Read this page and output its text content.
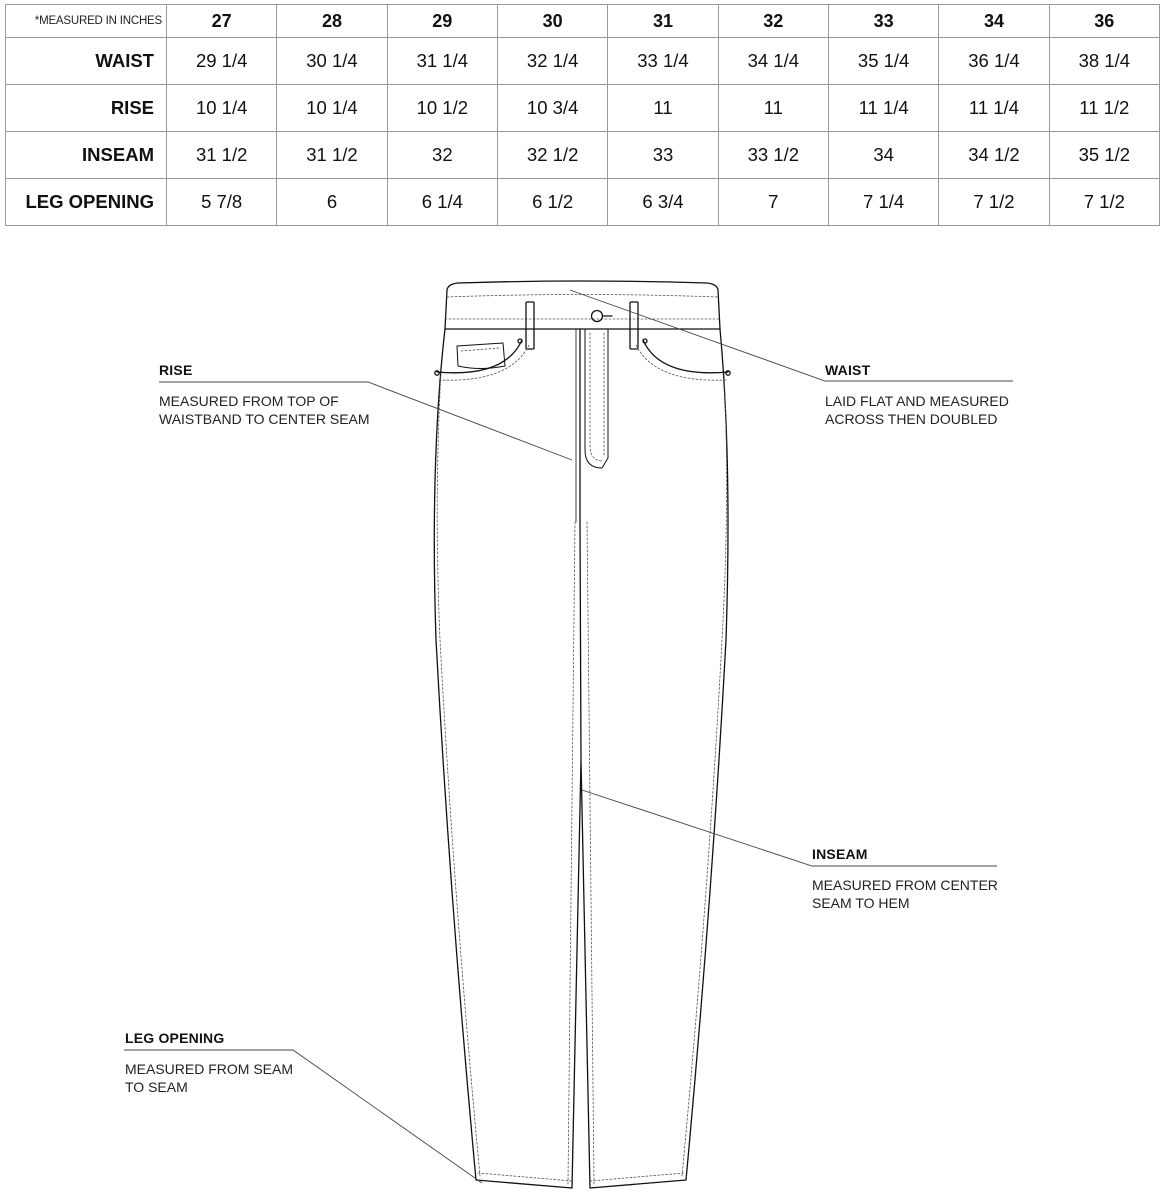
*MEASURED IN INCHES	27	28	29	30	31	32	33	34	36
WAIST	29 1/4	30 1/4	31 1/4	32 1/4	33 1/4	34 1/4	35 1/4	36 1/4	38 1/4
RISE	10 1/4	10 1/4	10 1/2	10 3/4	11	11	11 1/4	11 1/4	11 1/2
INSEAM	31 1/2	31 1/2	32	32 1/2	33	33 1/2	34	34 1/2	35 1/2
LEG OPENING	5 7/8	6	6 1/4	6 1/2	6 3/4	7	7 1/4	7 1/2	7 1/2
RISE
MEASURED FROM TOP OF
WAISTBAND TO CENTER SEAM
WAIST
LAID FLAT AND MEASURED
ACROSS THEN DOUBLED
INSEAM
MEASURED FROM CENTER
SEAM TO HEM
LEG OPENING
MEASURED FROM SEAM
TO SEAM
